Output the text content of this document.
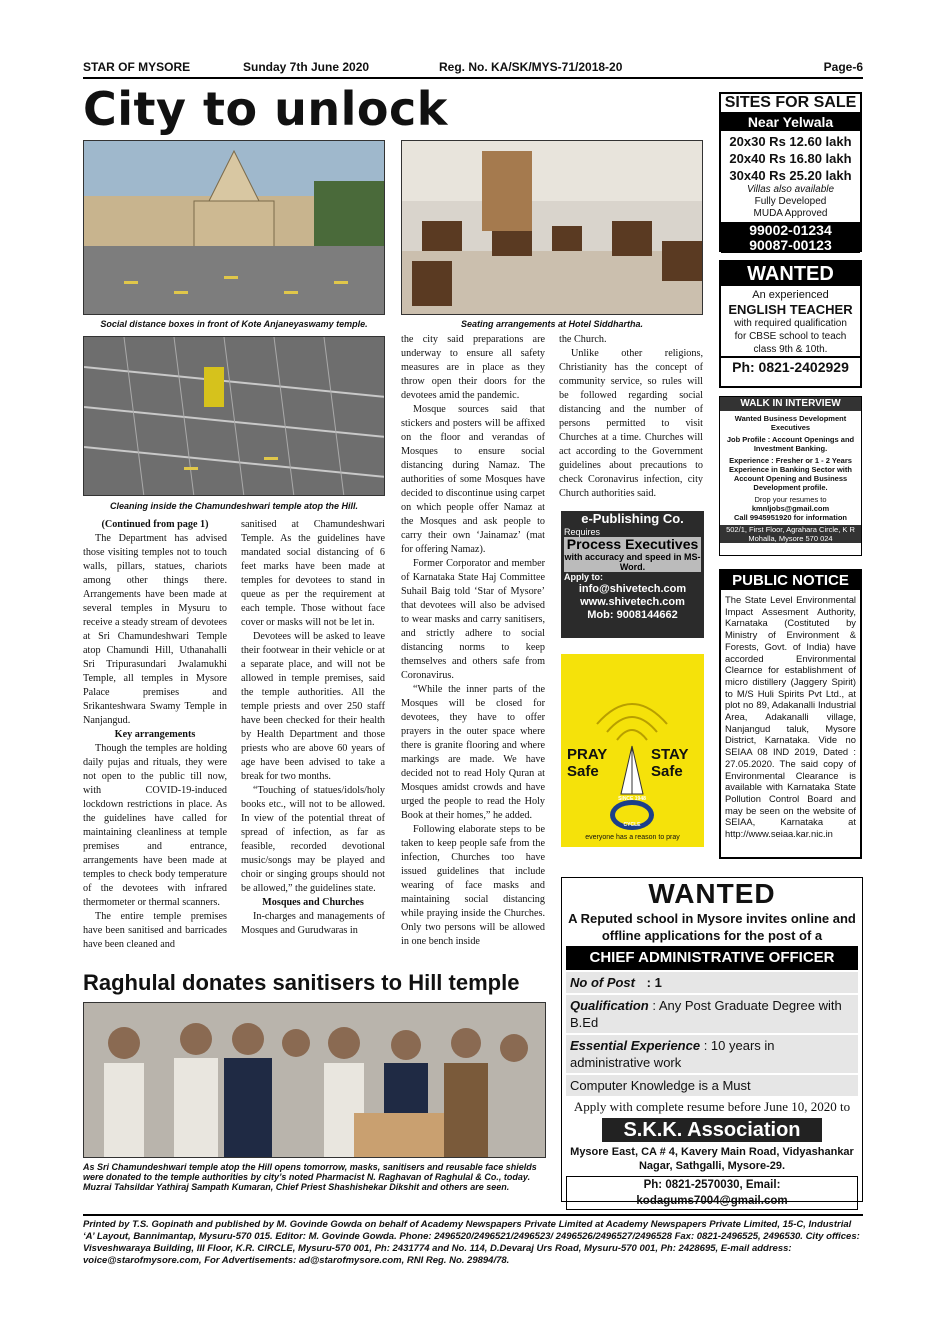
STAR OF MYSORE	Sunday 7th June 2020	Reg. No. KA/SK/MYS-71/2018-20	Page-6
City to unlock
Social distance boxes in front of Kote Anjaneyaswamy temple.	Seating arrangements at Hotel Siddhartha.
Cleaning inside the Chamundeshwari temple atop the Hill.

(Continued from page 1)

The Department has advised those visiting temples not to touch walls, pillars, statues, chariots among other things there. Arrangements have been made at several temples in Mysuru to receive a steady stream of devotees at Sri Chamundeshwari Temple atop Chamundi Hill, Uthanahalli Sri Tripurasundari Jwalamukhi Temple, all temples in Mysore Palace premises and Srikanteshwara Swamy Temple in Nanjangud.

Key arrangements

Though the temples are holding daily pujas and rituals, they were not open to the public till now, with COVID-19-induced lockdown restrictions in place. As the guidelines have called for maintaining cleanliness at temple premises and entrance, arrangements have been made at temples to check body temperature of the devotees with infrared thermometer or thermal scanners.

The entire temple premises have been sanitised and barricades have been cleaned and

sanitised at Chamundeshwari Temple. As the guidelines have mandated social distancing of 6 feet marks have been made at temples for devotees to stand in queue as per the requirement at each temple. Those without face cover or masks will not be let in.

Devotees will be asked to leave their footwear in their vehicle or at a separate place, and will not be allowed in temple premises, said the temple authorities. All the temple priests and over 250 staff have been checked for their health by Health Department and those priests who are above 60 years of age have been advised to take a break for two months.

“Touching of statues/idols/holy books etc., will not to be allowed. In view of the potential threat of spread of infection, as far as feasible, recorded devotional music/songs may be played and choir or singing groups should not be allowed,” the guidelines state.

Mosques and Churches

In-charges and managements of Mosques and Gurudwaras in

the city said preparations are underway to ensure all safety measures are in place as they throw open their doors for the devotees amid the pandemic.

Mosque sources said that stickers and posters will be affixed on the floor and verandas of Mosques to ensure social distancing during Namaz. The authorities of some Mosques have decided to discontinue using carpet on which people offer Namaz at the Mosques and ask people to carry their own ‘Jainamaz’ (mat for offering Namaz).

Former Corporator and member of Karnataka State Haj Committee Suhail Baig told ‘Star of Mysore’ that devotees will also be advised to wear masks and carry sanitisers, and strictly adhere to social distancing norms to keep themselves and others safe from Coronavirus.

“While the inner parts of the Mosques will be closed for devotees, they have to offer prayers in the outer space where there is granite flooring and where markings are made. We have decided not to read Holy Quran at Mosques amidst crowds and have urged the people to read the Holy Book at their homes,” he added.

Following elaborate steps to be taken to keep people safe from the infection, Churches too have issued guidelines that include wearing of face masks and maintaining social distancing while praying inside the Churches. Only two persons will be allowed in one bench inside

the Church.

Unlike other religions, Christianity has the concept of community service, so rules will be followed regarding social distancing and the number of persons permitted to visit Churches at a time. Churches will act according to the Government guidelines about precautions to check Coronavirus infection, city Church authorities said.

Raghulal donates sanitisers to Hill temple
As Sri Chamundeshwari temple atop the Hill opens tomorrow, masks, sanitisers and reusable face shields were donated to the temple authorities by city’s noted Pharmacist N. Raghavan of Raghulal & Co., today. Muzrai Tahsildar Yathiraj Sampath Kumaran, Chief Priest Shashishekar Dikshit and others are seen.
SITES FOR SALE
Near Yelwala
20x30 Rs 12.60 lakh
20x40 Rs 16.80 lakh
30x40 Rs 25.20 lakh
Villas also available
Fully Developed
MUDA Approved
99002-01234
90087-00123
WANTED
An experienced
ENGLISH TEACHER
with required qualification
for CBSE school to teach
class 9th & 10th.
Ph: 0821-2402929
WALK IN INTERVIEW
Wanted Business Development Executives
Job Profile : Account Openings and Investment Banking.
Experience : Fresher or 1 - 2 Years Experience in Banking Sector with Account Opening and Business Development profile.
Drop your resumes to
kmnljobs@gmail.com
Call 9945951920 for information
502/1, First Floor, Agrahara Circle, K R Mohalla, Mysore 570 024
e-Publishing Co.
Requires
Process Executives
with accuracy and speed in MS-Word.
Apply to:
info@shivetech.com
www.shivetech.com
Mob: 9008144662
PRAY
Safe
STAY
Safe
SINCE 1948
CYCLE
everyone has a reason to pray
PUBLIC NOTICE
The State Level Environmental Impact Assesment Authority, Karnataka (Costituted by Ministry of Environment & Forests, Govt. of India) have accorded Environmental Clearnce for establishment of micro distillery (Jaggery Spirit) to M/S Huli Spirits Pvt Ltd., at plot no 89, Adakanalli Industrial Area, Adakanalli village, Nanjangud taluk, Mysore District, Karnataka. Vide no SEIAA 08 IND 2019, Dated : 27.05.2020. The said copy of Environmental Clearance is available with Karnataka State Pollution Control Board and may be seen on the website of SEIAA, Karnataka at http://www.seiaa.kar.nic.in
WANTED
A Reputed school in Mysore invites online and offline applications for the post of a
CHIEF ADMINISTRATIVE OFFICER
No of Post : 1
Qualification : Any Post Graduate Degree with B.Ed
Essential Experience : 10 years in administrative work
Computer Knowledge is a Must
Apply with complete resume before June 10, 2020 to
S.K.K. Association
Mysore East, CA # 4, Kavery Main Road, Vidyashankar Nagar, Sathgalli, Mysore-29.
Ph: 0821-2570030, Email: kodagums7004@gmail.com
Printed by T.S. Gopinath and published by M. Govinde Gowda on behalf of Academy Newspapers Private Limited at Academy Newspapers Private Limited, 15-C, Industrial ‘A’ Layout, Bannimantap, Mysuru-570 015. Editor: M. Govinde Gowda. Phone: 2496520/2496521/2496523/ 2496526/2496527/2496528 Fax: 0821-2496525, 2496530. City offices: Visveshwaraya Building, III Floor, K.R. CIRCLE, Mysuru-570 001, Ph: 2431774 and No. 114, D.Devaraj Urs Road, Mysuru-570 001, Ph: 2428695, E-mail address: voice@starofmysore.com, For Advertisements: ad@starofmysore.com, RNI Reg. No. 29894/78.
